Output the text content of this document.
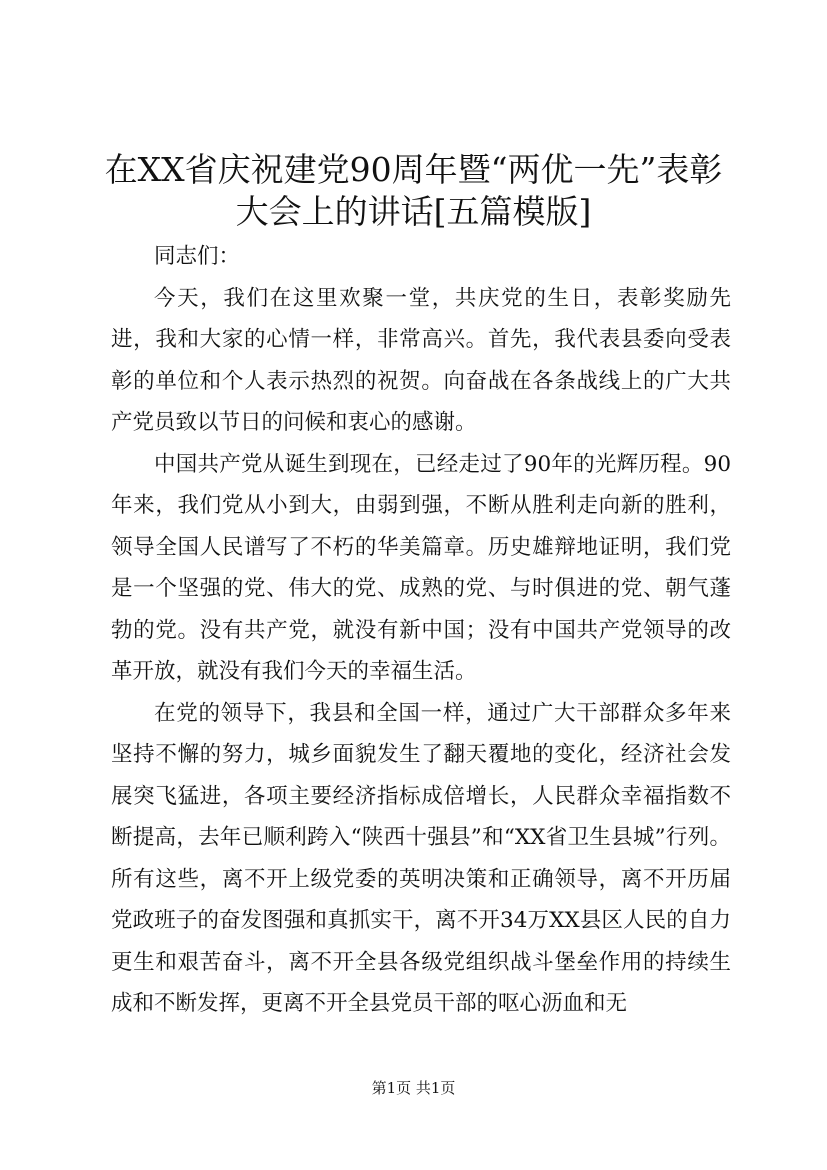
在XX省庆祝建党90周年暨“两优一先”表彰
大会上的讲话[五篇模版]

同志们：

今天，我们在这里欢聚一堂，共庆党的生日，表彰奖励先进，我和大家的心情一样，非常高兴。首先，我代表县委向受表彰的单位和个人表示热烈的祝贺。向奋战在各条战线上的广大共产党员致以节日的问候和衷心的感谢。

中国共产党从诞生到现在，已经走过了90年的光辉历程。90年来，我们党从小到大，由弱到强，不断从胜利走向新的胜利，领导全国人民谱写了不朽的华美篇章。历史雄辩地证明，我们党是一个坚强的党、伟大的党、成熟的党、与时俱进的党、朝气蓬勃的党。没有共产党，就没有新中国；没有中国共产党领导的改革开放，就没有我们今天的幸福生活。

在党的领导下，我县和全国一样，通过广大干部群众多年来坚持不懈的努力，城乡面貌发生了翻天覆地的变化，经济社会发展突飞猛进，各项主要经济指标成倍增长，人民群众幸福指数不断提高，去年已顺利跨入“陕西十强县”和“XX省卫生县城”行列。所有这些，离不开上级党委的英明决策和正确领导，离不开历届党政班子的奋发图强和真抓实干，离不开34万XX县区人民的自力更生和艰苦奋斗，离不开全县各级党组织战斗堡垒作用的持续生成和不断发挥，更离不开全县党员干部的呕心沥血和无

第1页 共1页
